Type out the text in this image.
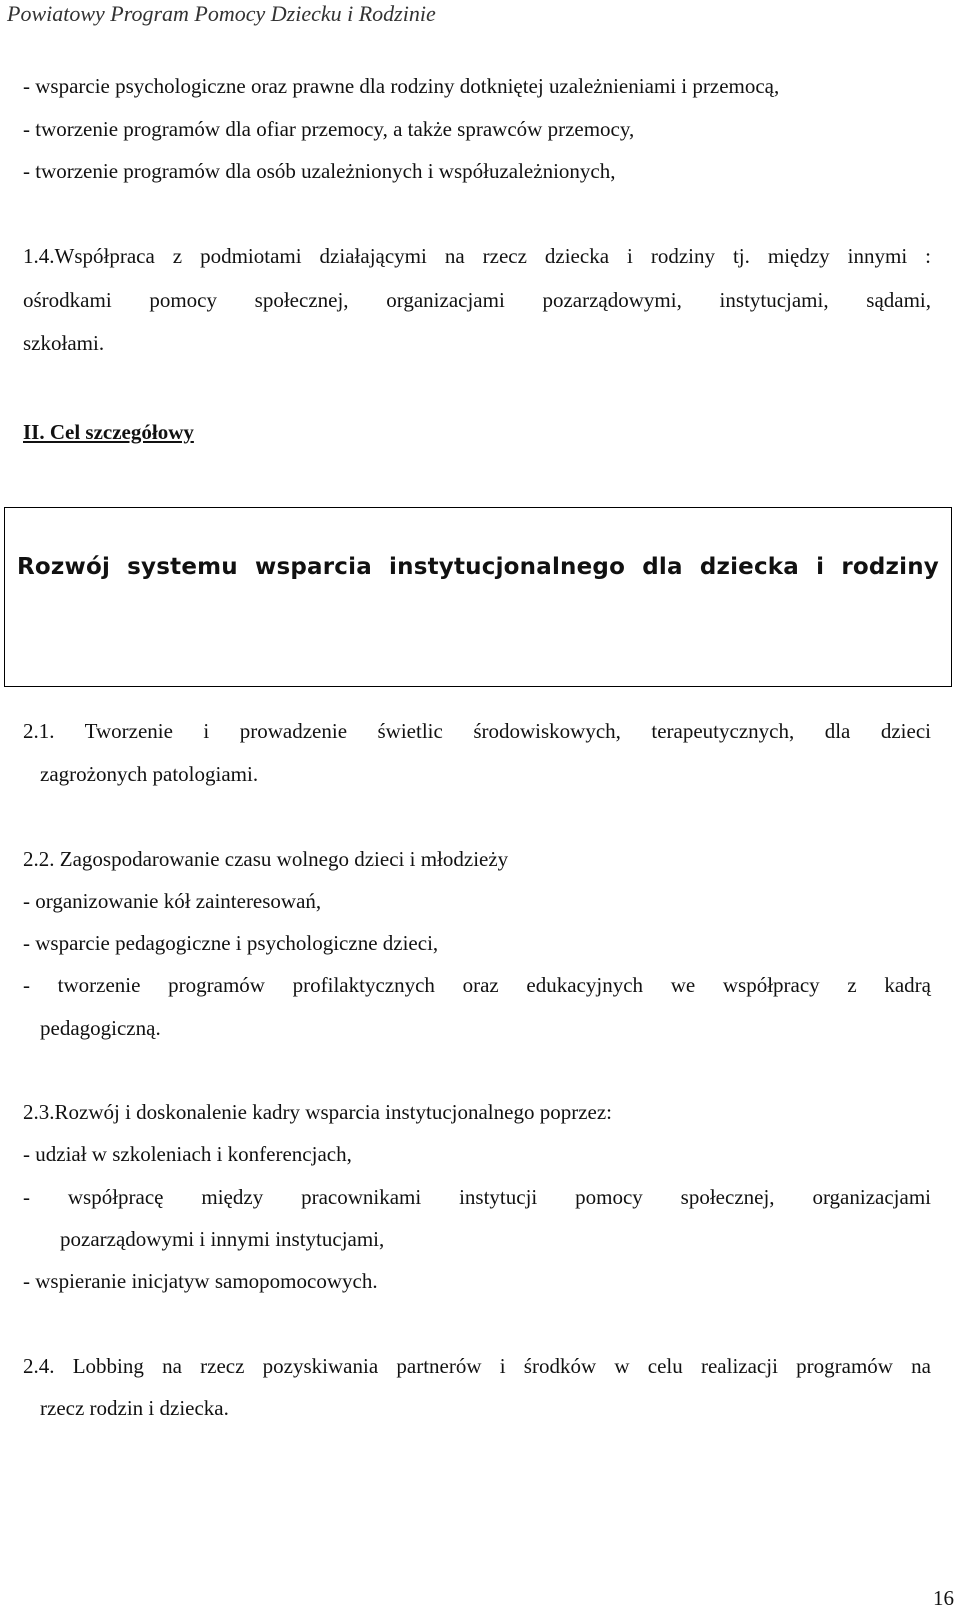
Powiatowy Program Pomocy Dziecku i Rodzinie
- wsparcie psychologiczne oraz prawne dla rodziny dotkniętej uzależnieniami i przemocą,
- tworzenie programów dla ofiar przemocy, a także sprawców przemocy,
- tworzenie programów dla osób uzależnionych i współuzależnionych,
1.4.Współpraca z podmiotami działającymi na rzecz dziecka i rodziny tj. między innymi :
ośrodkami pomocy społecznej, organizacjami pozarządowymi, instytucjami, sądami,
szkołami.
II. Cel szczegółowy
Rozwój systemu wsparcia instytucjonalnego dla dziecka i rodziny
2.1. Tworzenie i prowadzenie świetlic środowiskowych, terapeutycznych, dla dzieci
zagrożonych patologiami.
2.2. Zagospodarowanie czasu wolnego dzieci i młodzieży
- organizowanie kół zainteresowań,
- wsparcie pedagogiczne i psychologiczne dzieci,
- tworzenie programów profilaktycznych oraz edukacyjnych we współpracy z kadrą
pedagogiczną.
2.3.Rozwój i doskonalenie kadry wsparcia instytucjonalnego poprzez:
- udział w szkoleniach i konferencjach,
- współpracę między pracownikami instytucji pomocy społecznej, organizacjami
pozarządowymi i innymi instytucjami,
- wspieranie inicjatyw samopomocowych.
2.4. Lobbing na rzecz pozyskiwania partnerów i środków w celu realizacji programów na
rzecz rodzin i dziecka.
16
